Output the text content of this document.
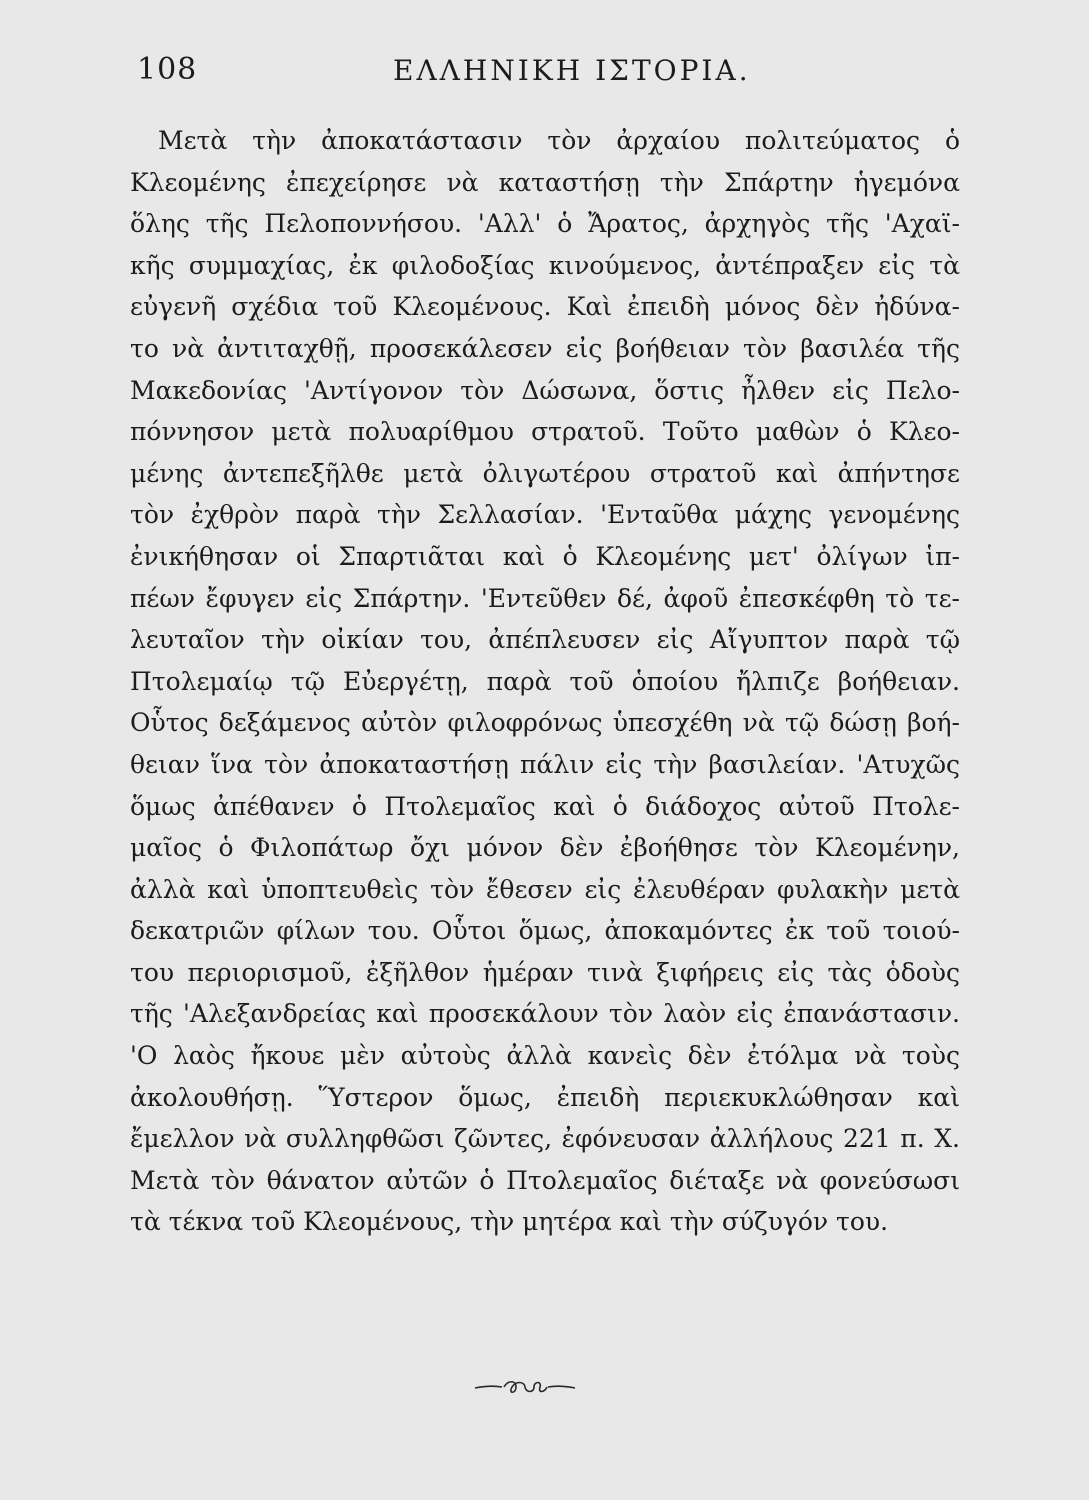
108	ΕΛΛΗΝΙΚΗ ΙΣΤΟΡΙΑ.
Μετὰ τὴν ἀποκατάστασιν τὸν ἀρχαίου πολιτεύματος ὁ
Κλεομένης ἐπεχείρησε νὰ καταστήσῃ τὴν Σπάρτην ἡγεμόνα
ὅλης τῆς Πελοποννήσου. 'Αλλ' ὁ Ἄρατος, ἀρχηγὸς τῆς 'Αχαϊ-
κῆς συμμαχίας, ἐκ φιλοδοξίας κινούμενος, ἀντέπραξεν εἰς τὰ
εὐγενῆ σχέδια τοῦ Κλεομένους. Καὶ ἐπειδὴ μόνος δὲν ἠδύνα-
το νὰ ἀντιταχθῇ, προσεκάλεσεν εἰς βοήθειαν τὸν βασιλέα τῆς
Μακεδονίας 'Αντίγονον τὸν Δώσωνα, ὅστις ἦλθεν εἰς Πελο-
πόννησον μετὰ πολυαρίθμου στρατοῦ. Τοῦτο μαθὼν ὁ Κλεο-
μένης ἀντεπεξῆλθε μετὰ ὀλιγωτέρου στρατοῦ καὶ ἀπήντησε
τὸν ἐχθρὸν παρὰ τὴν Σελλασίαν. 'Ενταῦθα μάχης γενομένης
ἐνικήθησαν οἱ Σπαρτιᾶται καὶ ὁ Κλεομένης μετ' ὀλίγων ἱπ-
πέων ἔφυγεν εἰς Σπάρτην. 'Εντεῦθεν δέ, ἀφοῦ ἐπεσκέφθη τὸ τε-
λευταῖον τὴν οἰκίαν του, ἀπέπλευσεν εἰς Αἴγυπτον παρὰ τῷ
Πτολεμαίῳ τῷ Εὐεργέτῃ, παρὰ τοῦ ὁποίου ἤλπιζε βοήθειαν.
Οὗτος δεξάμενος αὐτὸν φιλοφρόνως ὑπεσχέθη νὰ τῷ δώσῃ βοή-
θειαν ἵνα τὸν ἀποκαταστήσῃ πάλιν εἰς τὴν βασιλείαν. 'Ατυχῶς
ὅμως ἀπέθανεν ὁ Πτολεμαῖος καὶ ὁ διάδοχος αὐτοῦ Πτολε-
μαῖος ὁ Φιλοπάτωρ ὄχι μόνον δὲν ἐβοήθησε τὸν Κλεομένην,
ἀλλὰ καὶ ὑποπτευθεὶς τὸν ἔθεσεν εἰς ἐλευθέραν φυλακὴν μετὰ
δεκατριῶν φίλων του. Οὗτοι ὅμως, ἀποκαμόντες ἐκ τοῦ τοιού-
του περιορισμοῦ, ἐξῆλθον ἡμέραν τινὰ ξιφήρεις εἰς τὰς ὁδοὺς
τῆς 'Αλεξανδρείας καὶ προσεκάλουν τὸν λαὸν εἰς ἐπανάστασιν.
'Ο λαὸς ἤκουε μὲν αὐτοὺς ἀλλὰ κανεὶς δὲν ἐτόλμα νὰ τοὺς
ἀκολουθήσῃ. Ὕστερον ὅμως, ἐπειδὴ περιεκυκλώθησαν καὶ
ἔμελλον νὰ συλληφθῶσι ζῶντες, ἐφόνευσαν ἀλλήλους 221 π. Χ.
Μετὰ τὸν θάνατον αὐτῶν ὁ Πτολεμαῖος διέταξε νὰ φονεύσωσι
τὰ τέκνα τοῦ Κλεομένους, τὴν μητέρα καὶ τὴν σύζυγόν του.
